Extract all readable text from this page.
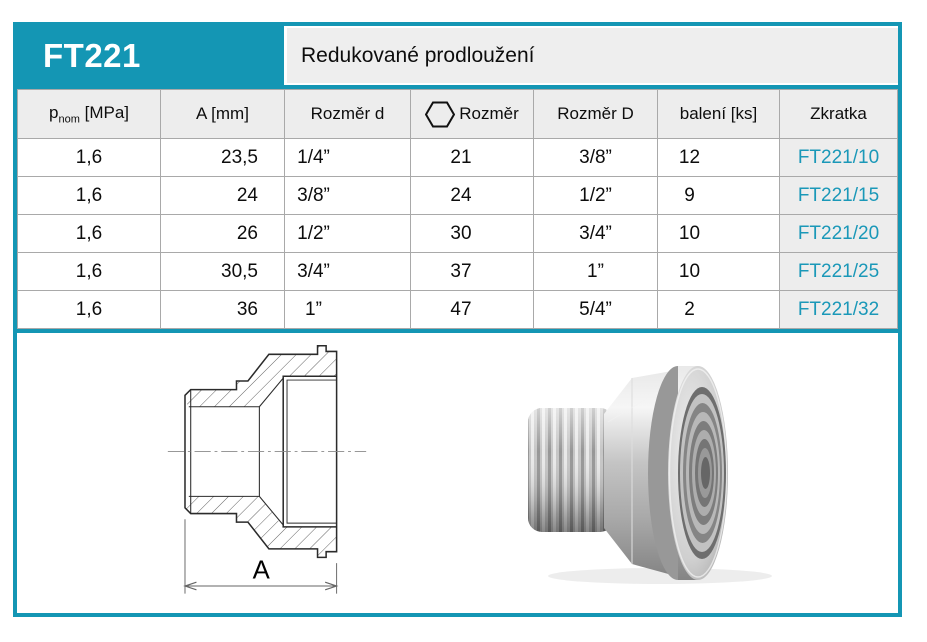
FT221	Redukované prodloužení
$p_{nom}$ [MPa]	A [mm]	Rozměr d	Rozměr	Rozměr D	balení [ks]	Zkratka
1,6	23,5	1/4”	21	3/8”	12	FT221/10
1,6	24	3/8”	24	1/2”	9	FT221/15
1,6	26	1/2”	30	3/4”	10	FT221/20
1,6	30,5	3/4”	37	1”	10	FT221/25
1,6	36	1”	47	5/4”	2	FT221/32
A
